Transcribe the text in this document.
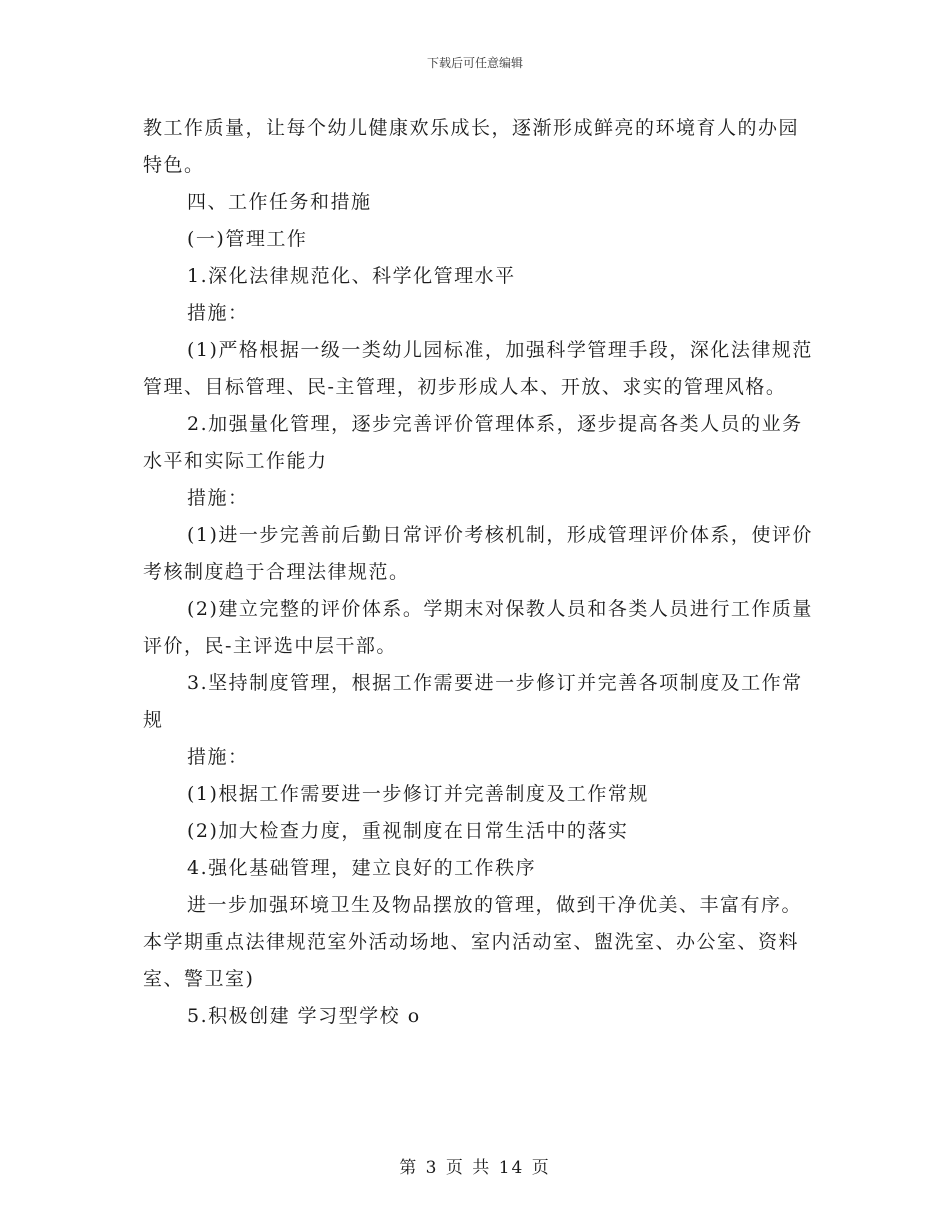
下载后可任意编辑

教工作质量，让每个幼儿健康欢乐成长，逐渐形成鲜亮的环境育人的办园特色。

四、工作任务和措施

(一)管理工作

1.深化法律规范化、科学化管理水平

措施：

(1)严格根据一级一类幼儿园标准，加强科学管理手段，深化法律规范管理、目标管理、民-主管理，初步形成人本、开放、求实的管理风格。

2.加强量化管理，逐步完善评价管理体系，逐步提高各类人员的业务水平和实际工作能力

措施：

(1)进一步完善前后勤日常评价考核机制，形成管理评价体系，使评价考核制度趋于合理法律规范。

(2)建立完整的评价体系。学期末对保教人员和各类人员进行工作质量评价，民-主评选中层干部。

3.坚持制度管理，根据工作需要进一步修订并完善各项制度及工作常规

措施：

(1)根据工作需要进一步修订并完善制度及工作常规

(2)加大检查力度，重视制度在日常生活中的落实

4.强化基础管理，建立良好的工作秩序

进一步加强环境卫生及物品摆放的管理，做到干净优美、丰富有序。本学期重点法律规范室外活动场地、室内活动室、盥洗室、办公室、资料室、警卫室)

5.积极创建 学习型学校 o

第 3 页 共 14 页
